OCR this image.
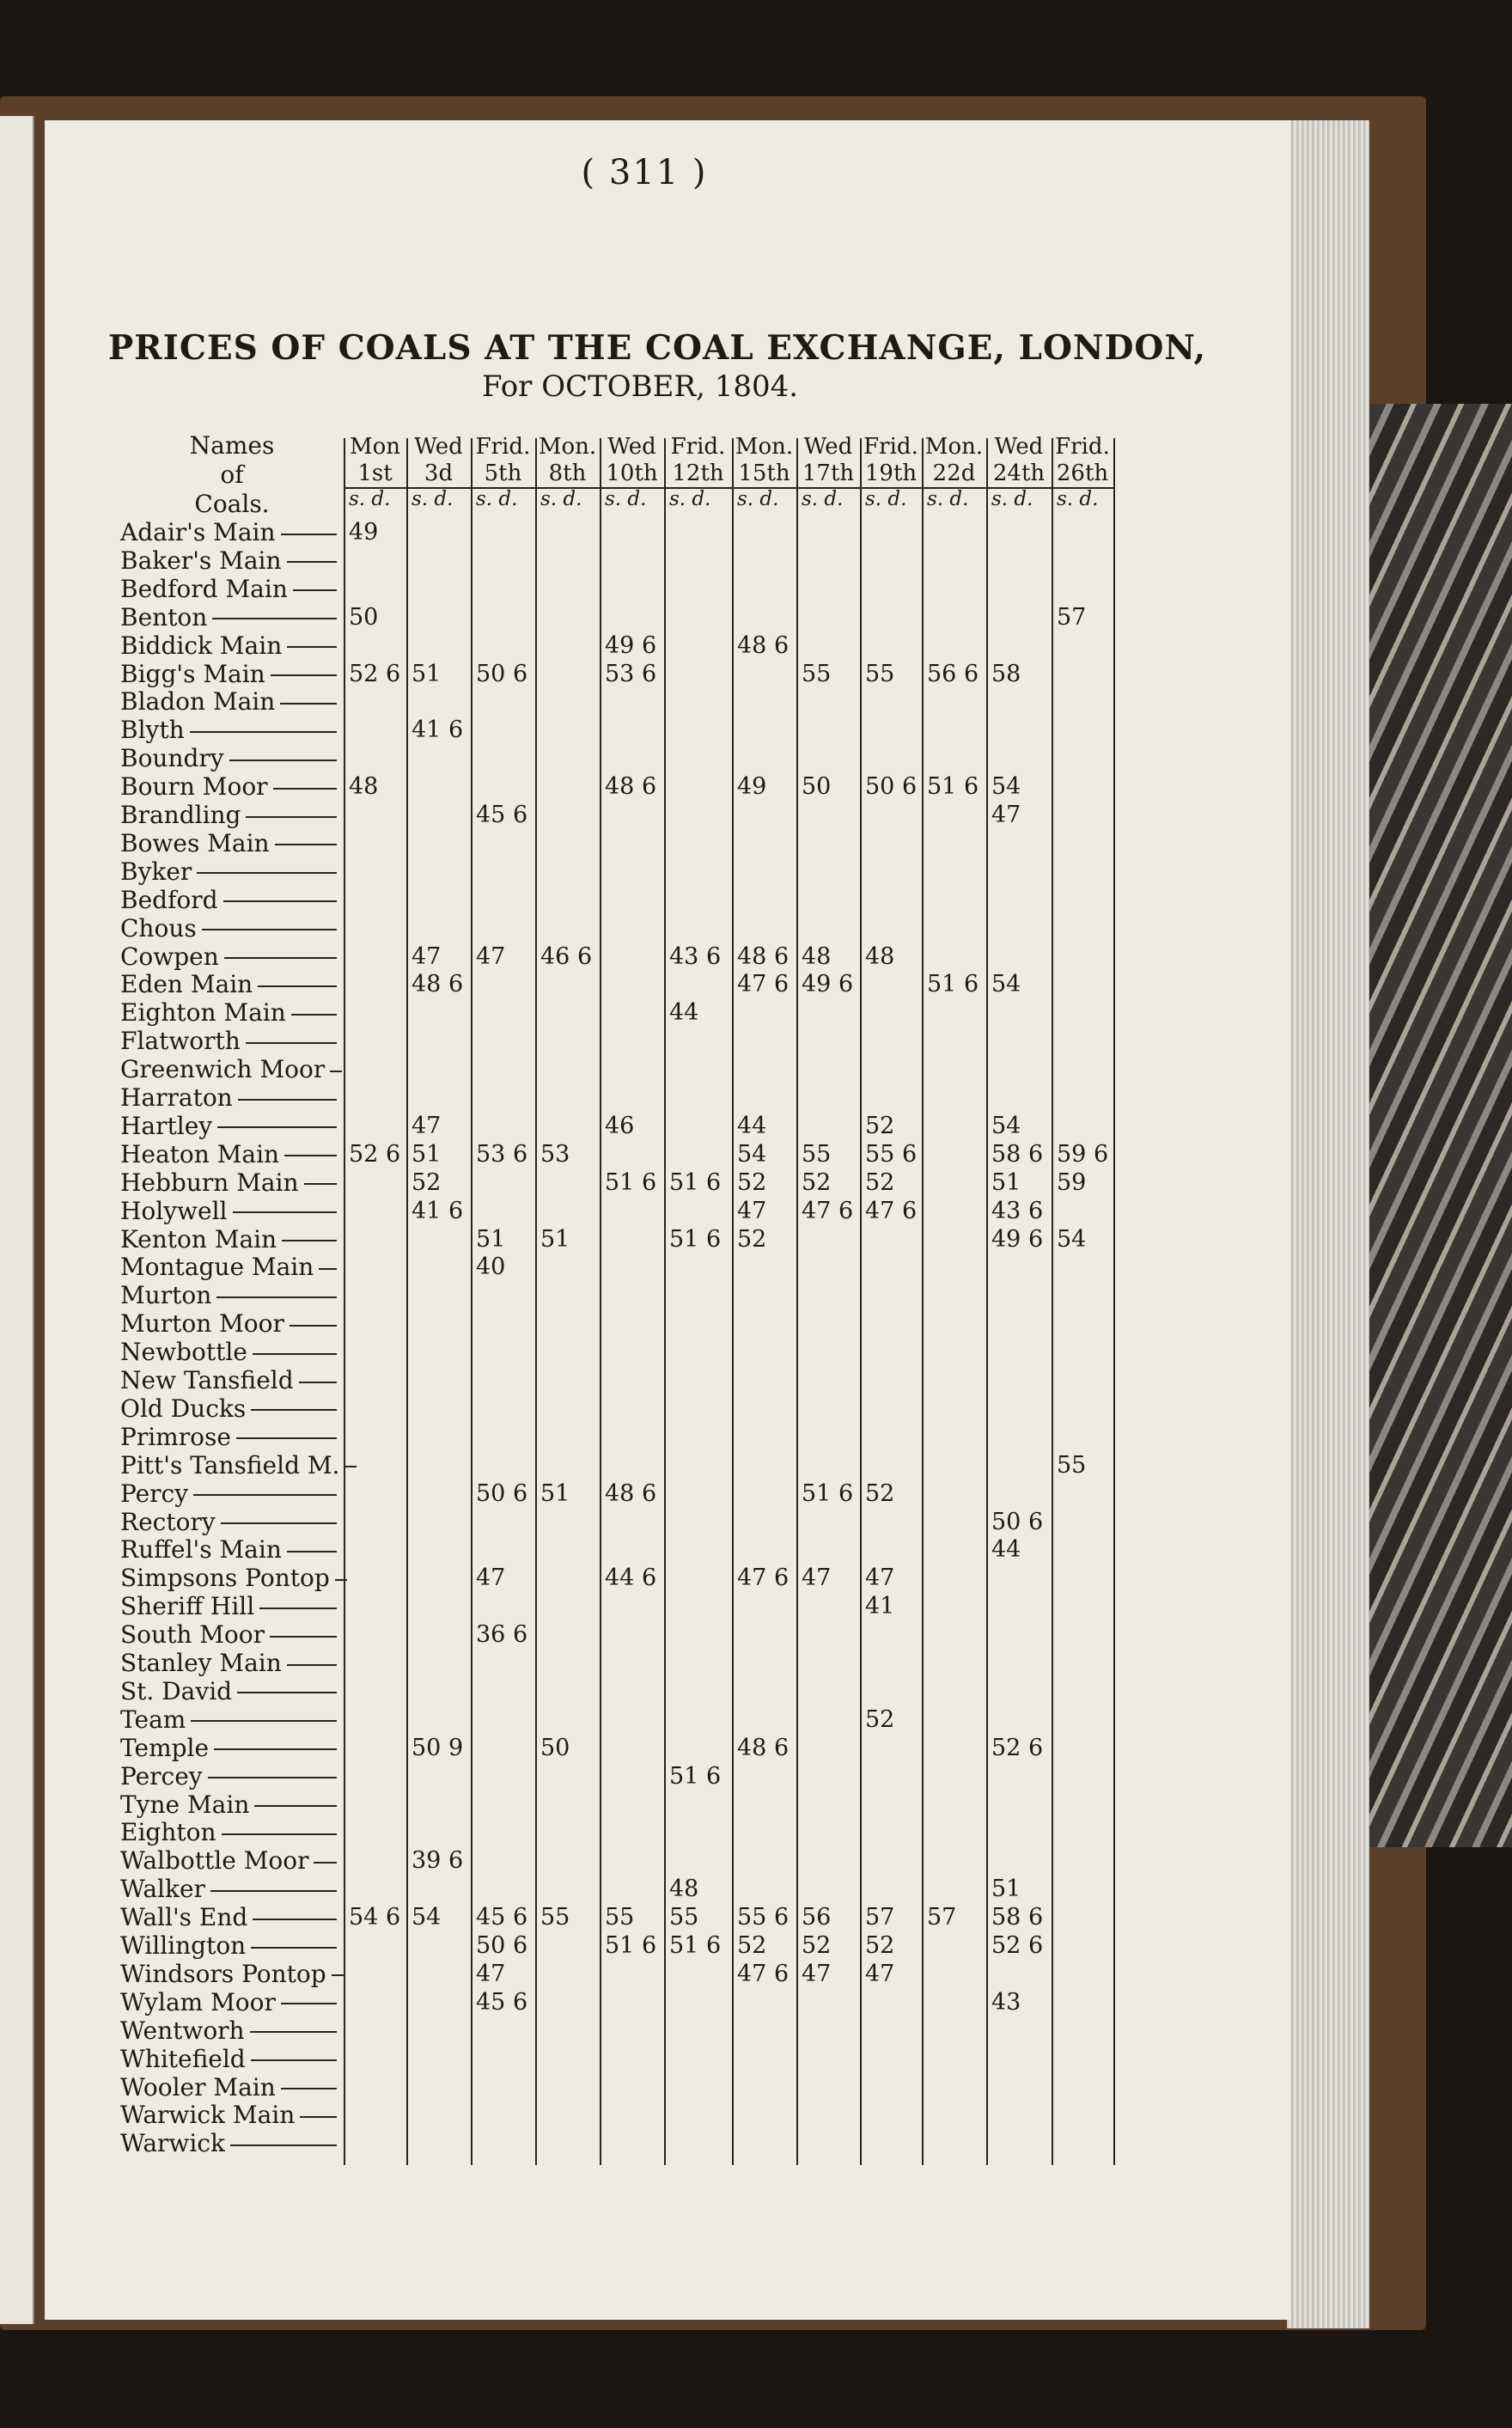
( 311 )
PRICES OF COALS AT THE COAL EXCHANGE, LONDON,
For OCTOBER, 1804.
Names of
Coals.
Mon
1st
s. d.
Wed
3d
s. d.
Frid.
5th
s. d.
Mon.
8th
s. d.
Wed
10th
s. d.
Frid.
12th
s. d.
Mon.
15th
s. d.
Wed
17th
s. d.
Frid.
19th
s. d.
Mon.
22d
s. d.
Wed
24th
s. d.
Frid.
26th
s. d.
Adair's Main
Baker's Main
Bedford Main
Benton
Biddick Main
Bigg's Main
Bladon Main
Blyth
Boundry
Bourn Moor
Brandling
Bowes Main
Byker
Bedford
Chous
Cowpen
Eden Main
Eighton Main
Flatworth
Greenwich Moor
Harraton
Hartley
Heaton Main
Hebburn Main
Holywell
Kenton Main
Montague Main
Murton
Murton Moor
Newbottle
New Tansfield
Old Ducks
Primrose
Pitt's Tansfield M.
Percy
Rectory
Ruffel's Main
Simpsons Pontop
Sheriff Hill
South Moor
Stanley Main
St. David
Team
Temple
Percey
Tyne Main
Eighton
Walbottle Moor
Walker
Wall's End
Willington
Windsors Pontop
Wylam Moor
Wentworh
Whitefield
Wooler Main
Warwick Main
Warwick
49
50
52 6
48
52 6
54 6
51
41 6
47
48 6
47
51
52
41 6
50 9
39 6
54
50 6
45 6
47
53 6
51
40
50 6
47
36 6
45 6
50 6
47
45 6
46 6
53
51
51
50
55
49 6
53 6
48 6
46
51 6
48 6
44 6
55
51 6
43 6
44
51 6
51 6
51 6
48
55
51 6
48 6
49
48 6
47 6
44
54
52
47
52
47 6
48 6
55 6
52
47 6
55
50
48
49 6
55
52
47 6
51 6
47
56
52
47
55
50 6
48
52
55 6
52
47 6
52
47
41
52
57
52
47
56 6
51 6
51 6
57
58
54
47
54
54
58 6
51
43 6
49 6
50 6
44
52 6
51
58 6
52 6
43
57
59 6
59
54
55
